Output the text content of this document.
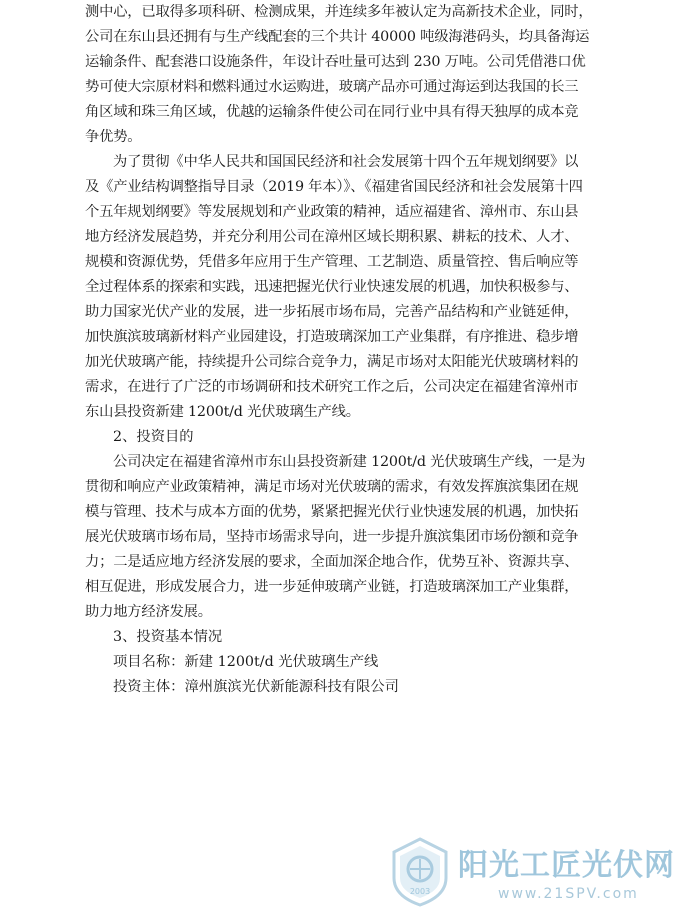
测中心，已取得多项科研、检测成果，并连续多年被认定为高新技术企业，同时，
公司在东山县还拥有与生产线配套的三个共计 40000 吨级海港码头，均具备海运
运输条件、配套港口设施条件，年设计吞吐量可达到 230 万吨。公司凭借港口优
势可使大宗原材料和燃料通过水运购进，玻璃产品亦可通过海运到达我国的长三
角区域和珠三角区域，优越的运输条件使公司在同行业中具有得天独厚的成本竞
争优势。
为了贯彻《中华人民共和国国民经济和社会发展第十四个五年规划纲要》以
及《产业结构调整指导目录（2019 年本）》、《福建省国民经济和社会发展第十四
个五年规划纲要》等发展规划和产业政策的精神，适应福建省、漳州市、东山县
地方经济发展趋势，并充分利用公司在漳州区域长期积累、耕耘的技术、人才、
规模和资源优势，凭借多年应用于生产管理、工艺制造、质量管控、售后响应等
全过程体系的探索和实践，迅速把握光伏行业快速发展的机遇，加快积极参与、
助力国家光伏产业的发展，进一步拓展市场布局，完善产品结构和产业链延伸，
加快旗滨玻璃新材料产业园建设，打造玻璃深加工产业集群，有序推进、稳步增
加光伏玻璃产能，持续提升公司综合竞争力，满足市场对太阳能光伏玻璃材料的
需求，在进行了广泛的市场调研和技术研究工作之后，公司决定在福建省漳州市
东山县投资新建 1200t/d 光伏玻璃生产线。
2、投资目的
公司决定在福建省漳州市东山县投资新建 1200t/d 光伏玻璃生产线，一是为
贯彻和响应产业政策精神，满足市场对光伏玻璃的需求，有效发挥旗滨集团在规
模与管理、技术与成本方面的优势，紧紧把握光伏行业快速发展的机遇，加快拓
展光伏玻璃市场布局，坚持市场需求导向，进一步提升旗滨集团市场份额和竞争
力；二是适应地方经济发展的要求，全面加深企地合作，优势互补、资源共享、
相互促进，形成发展合力，进一步延伸玻璃产业链，打造玻璃深加工产业集群，
助力地方经济发展。
3、投资基本情况
项目名称：新建 1200t/d 光伏玻璃生产线
投资主体：漳州旗滨光伏新能源科技有限公司
2003
阳光工匠光伏网
www.21SPV.com
